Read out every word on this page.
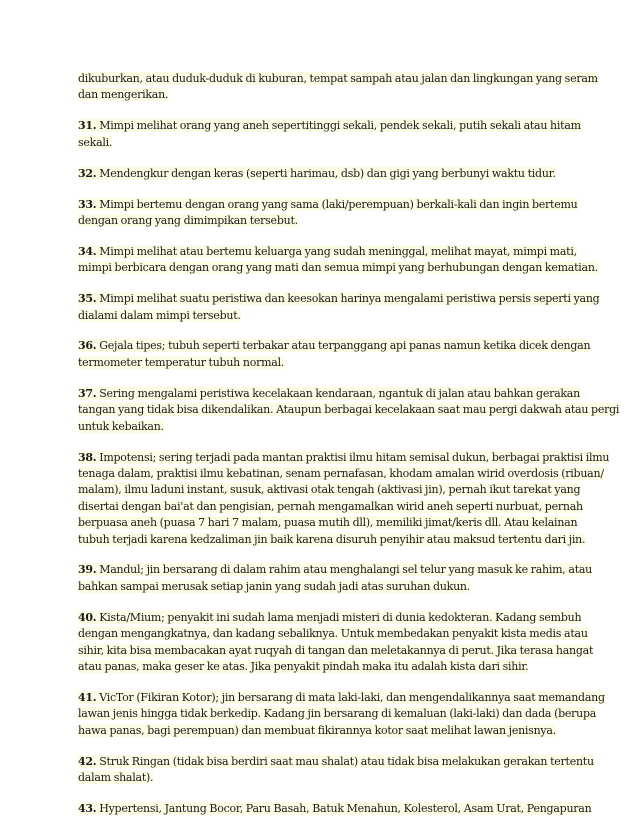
dikuburkan, atau duduk-duduk di kuburan, tempat sampah atau jalan dan lingkungan yang seram
dan mengerikan.

31. Mimpi melihat orang yang aneh sepertitinggi sekali, pendek sekali, putih sekali atau hitam
sekali.

32. Mendengkur dengan keras (seperti harimau, dsb) dan gigi yang berbunyi waktu tidur.

33. Mimpi bertemu dengan orang yang sama (laki/perempuan) berkali-kali dan ingin bertemu
dengan orang yang dimimpikan tersebut.

34. Mimpi melihat atau bertemu keluarga yang sudah meninggal, melihat mayat, mimpi mati,
mimpi berbicara dengan orang yang mati dan semua mimpi yang berhubungan dengan kematian.

35. Mimpi melihat suatu peristiwa dan keesokan harinya mengalami peristiwa persis seperti yang
dialami dalam mimpi tersebut.

36. Gejala tipes; tubuh seperti terbakar atau terpanggang api panas namun ketika dicek dengan
termometer temperatur tubuh normal.

37. Sering mengalami peristiwa kecelakaan kendaraan, ngantuk di jalan atau bahkan gerakan
tangan yang tidak bisa dikendalikan. Ataupun berbagai kecelakaan saat mau pergi dakwah atau pergi
untuk kebaikan.

38. Impotensi; sering terjadi pada mantan praktisi ilmu hitam semisal dukun, berbagai praktisi ilmu
tenaga dalam, praktisi ilmu kebatinan, senam pernafasan, khodam amalan wirid overdosis (ribuan/
malam), ilmu laduni instant, susuk, aktivasi otak tengah (aktivasi jin), pernah ikut tarekat yang
disertai dengan bai'at dan pengisian, pernah mengamalkan wirid aneh seperti nurbuat, pernah
berpuasa aneh (puasa 7 hari 7 malam, puasa mutih dll), memiliki jimat/keris dll. Atau kelainan
tubuh terjadi karena kedzaliman jin baik karena disuruh penyihir atau maksud tertentu dari jin.

39. Mandul; jin bersarang di dalam rahim atau menghalangi sel telur yang masuk ke rahim, atau
bahkan sampai merusak setiap janin yang sudah jadi atas suruhan dukun.

40. Kista/Mium; penyakit ini sudah lama menjadi misteri di dunia kedokteran. Kadang sembuh
dengan mengangkatnya, dan kadang sebaliknya. Untuk membedakan penyakit kista medis atau
sihir, kita bisa membacakan ayat ruqyah di tangan dan meletakannya di perut. Jika terasa hangat
atau panas, maka geser ke atas. Jika penyakit pindah maka itu adalah kista dari sihir.

41. VicTor (Fikiran Kotor); jin bersarang di mata laki-laki, dan mengendalikannya saat memandang
lawan jenis hingga tidak berkedip. Kadang jin bersarang di kemaluan (laki-laki) dan dada (berupa
hawa panas, bagi perempuan) dan membuat fikirannya kotor saat melihat lawan jenisnya.

42. Struk Ringan (tidak bisa berdiri saat mau shalat) atau tidak bisa melakukan gerakan tertentu
dalam shalat).

43. Hypertensi, Jantung Bocor, Paru Basah, Batuk Menahun, Kolesterol, Asam Urat, Pengapuran
